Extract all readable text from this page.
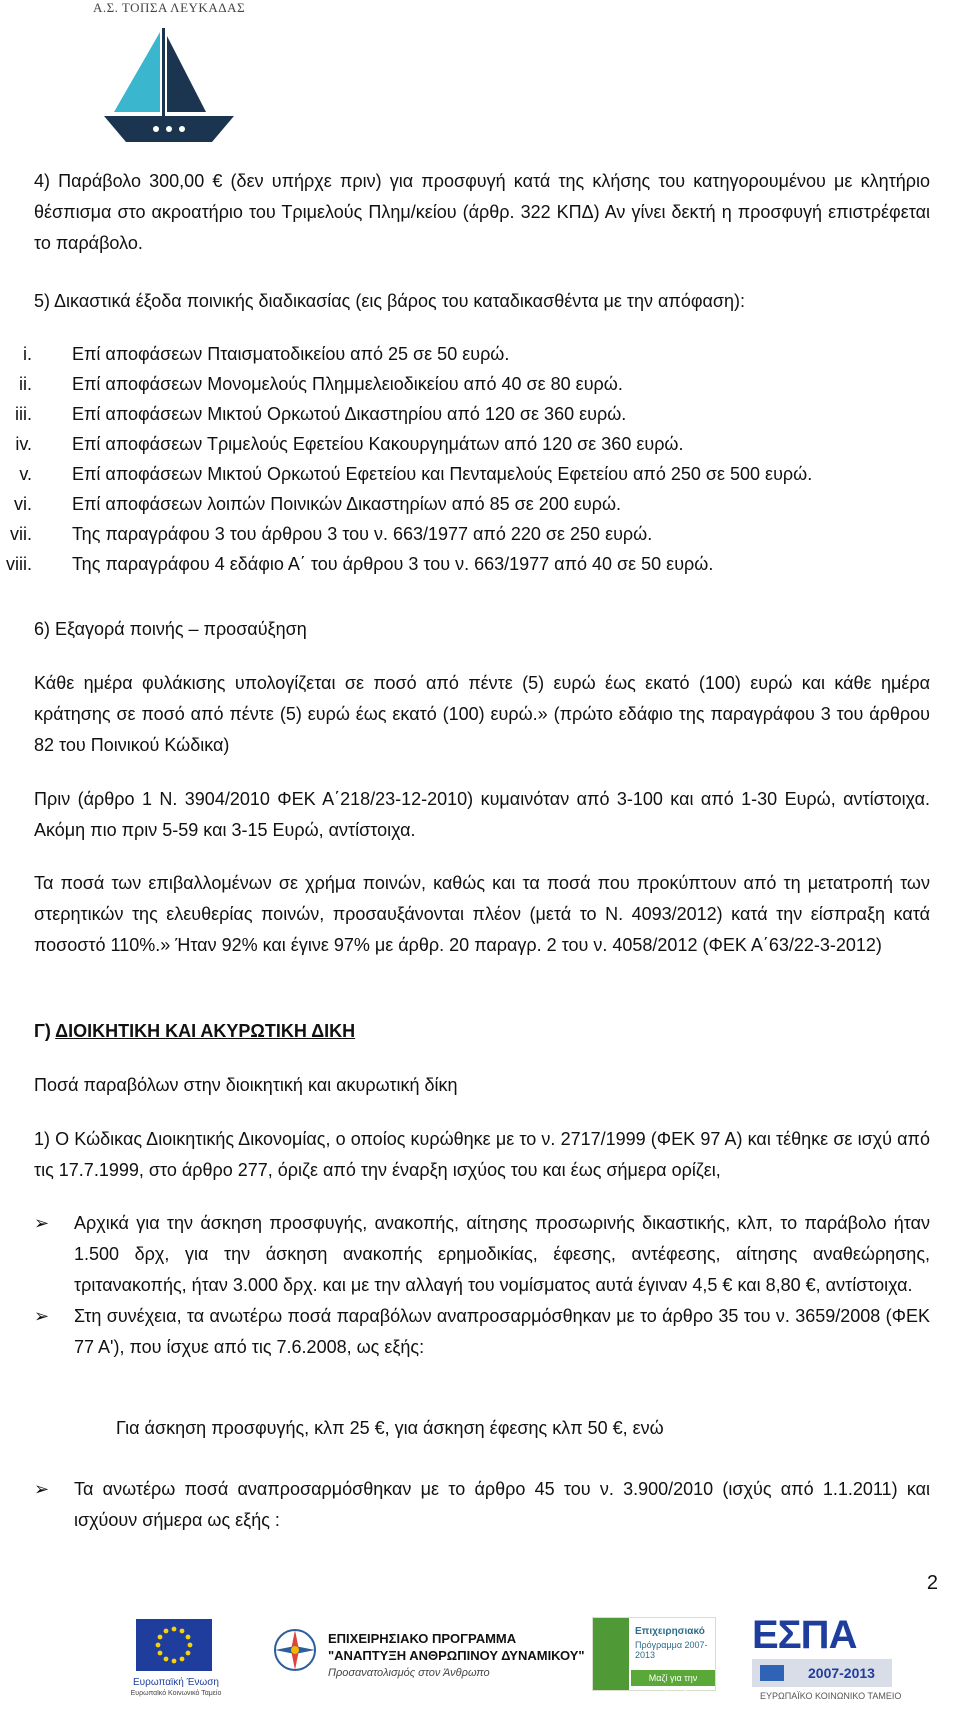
Α.Σ. ΤΟΠΣΑ ΛΕΥΚΑΔΑΣ

4) Παράβολο 300,00 € (δεν υπήρχε πριν) για προσφυγή κατά της κλήσης του κατηγορουμένου με κλητήριο θέσπισμα στο ακροατήριο του Τριμελούς Πλημ/κείου (άρθρ. 322 ΚΠΔ) Αν γίνει δεκτή η προσφυγή επιστρέφεται το παράβολο.

5) Δικαστικά έξοδα ποινικής διαδικασίας (εις βάρος του καταδικασθέντα με την απόφαση):

i. Επί αποφάσεων Πταισματοδικείου από 25 σε 50 ευρώ.
ii. Επί αποφάσεων Μονομελούς Πλημμελειοδικείου από 40 σε 80 ευρώ.
iii. Επί αποφάσεων Μικτού Ορκωτού Δικαστηρίου από 120 σε 360 ευρώ.
iv. Επί αποφάσεων Τριμελούς Εφετείου Κακουργημάτων από 120 σε 360 ευρώ.
v. Επί αποφάσεων Μικτού Ορκωτού Εφετείου και Πενταμελούς Εφετείου από 250 σε 500 ευρώ.
vi. Επί αποφάσεων λοιπών Ποινικών Δικαστηρίων από 85 σε 200 ευρώ.
vii. Της παραγράφου 3 του άρθρου 3 του ν. 663/1977 από 220 σε 250 ευρώ.
viii. Της παραγράφου 4 εδάφιο Α΄ του άρθρου 3 του ν. 663/1977 από 40 σε 50 ευρώ.

6) Εξαγορά ποινής – προσαύξηση

Κάθε ημέρα φυλάκισης υπολογίζεται σε ποσό από πέντε (5) ευρώ έως εκατό (100) ευρώ και κάθε ημέρα κράτησης σε ποσό από πέντε (5) ευρώ έως εκατό (100) ευρώ.» (πρώτο εδάφιο της παραγράφου 3 του άρθρου 82 του Ποινικού Κώδικα)

Πριν (άρθρο 1 Ν. 3904/2010 ΦΕΚ Α΄218/23-12-2010) κυμαινόταν από 3-100 και από 1-30 Ευρώ, αντίστοιχα. Ακόμη πιο πριν 5-59 και 3-15 Ευρώ, αντίστοιχα.

Τα ποσά των επιβαλλομένων σε χρήμα ποινών, καθώς και τα ποσά που προκύπτουν από τη μετατροπή των στερητικών της ελευθερίας ποινών, προσαυξάνονται πλέον (μετά το Ν. 4093/2012) κατά την είσπραξη κατά ποσοστό 110%.» Ήταν 92% και έγινε 97% με άρθρ. 20 παραγρ. 2 του ν. 4058/2012 (ΦΕΚ Α΄63/22-3-2012)

Γ) ΔΙΟΙΚΗΤΙΚΗ ΚΑΙ ΑΚΥΡΩΤΙΚΗ ΔΙΚΗ

Ποσά παραβόλων στην διοικητική και ακυρωτική δίκη

1) Ο Κώδικας Διοικητικής Δικονομίας, ο οποίος κυρώθηκε με το ν. 2717/1999 (ΦΕΚ 97 Α) και τέθηκε σε ισχύ από τις 17.7.1999, στο άρθρο 277, όριζε από την έναρξη ισχύος του και έως σήμερα ορίζει,

➢ Αρχικά για την άσκηση προσφυγής, ανακοπής, αίτησης προσωρινής δικαστικής, κλπ, το παράβολο ήταν 1.500 δρχ, για την άσκηση ανακοπής ερημοδικίας, έφεσης, αντέφεσης, αίτησης αναθεώρησης, τριτανακοπής, ήταν 3.000 δρχ. και με την αλλαγή του νομίσματος αυτά έγιναν 4,5 € και 8,80 €, αντίστοιχα.

➢ Στη συνέχεια, τα ανωτέρω ποσά παραβόλων αναπροσαρμόσθηκαν με το άρθρο 35 του ν. 3659/2008 (ΦΕΚ 77 Α'), που ίσχυε από τις 7.6.2008, ως εξής:

Για άσκηση προσφυγής, κλπ 25 €, για άσκηση έφεσης κλπ 50 €, ενώ
➢ Τα ανωτέρω ποσά αναπροσαρμόσθηκαν με το άρθρο 45 του ν. 3.900/2010 (ισχύς από 1.1.2011) και ισχύουν σήμερα ως εξής :

2
Ευρωπαϊκή Ένωση
Ευρωπαϊκό Κοινωνικό Ταμείο
ΕΠΙΧΕΙΡΗΣΙΑΚΟ ΠΡΟΓΡΑΜΜΑ
"ΑΝΑΠΤΥΞΗ ΑΝΘΡΩΠΙΝΟΥ ΔΥΝΑΜΙΚΟΥ"
Προσανατολισμός στον Άνθρωπο
Επιχειρησιακό
Πρόγραμμα 2007-2013
Μαζί για την ανάπτυξη
ΕΣΠΑ
2007-2013
ΕΥΡΩΠΑΪΚΟ ΚΟΙΝΩΝΙΚΟ ΤΑΜΕΙΟ
